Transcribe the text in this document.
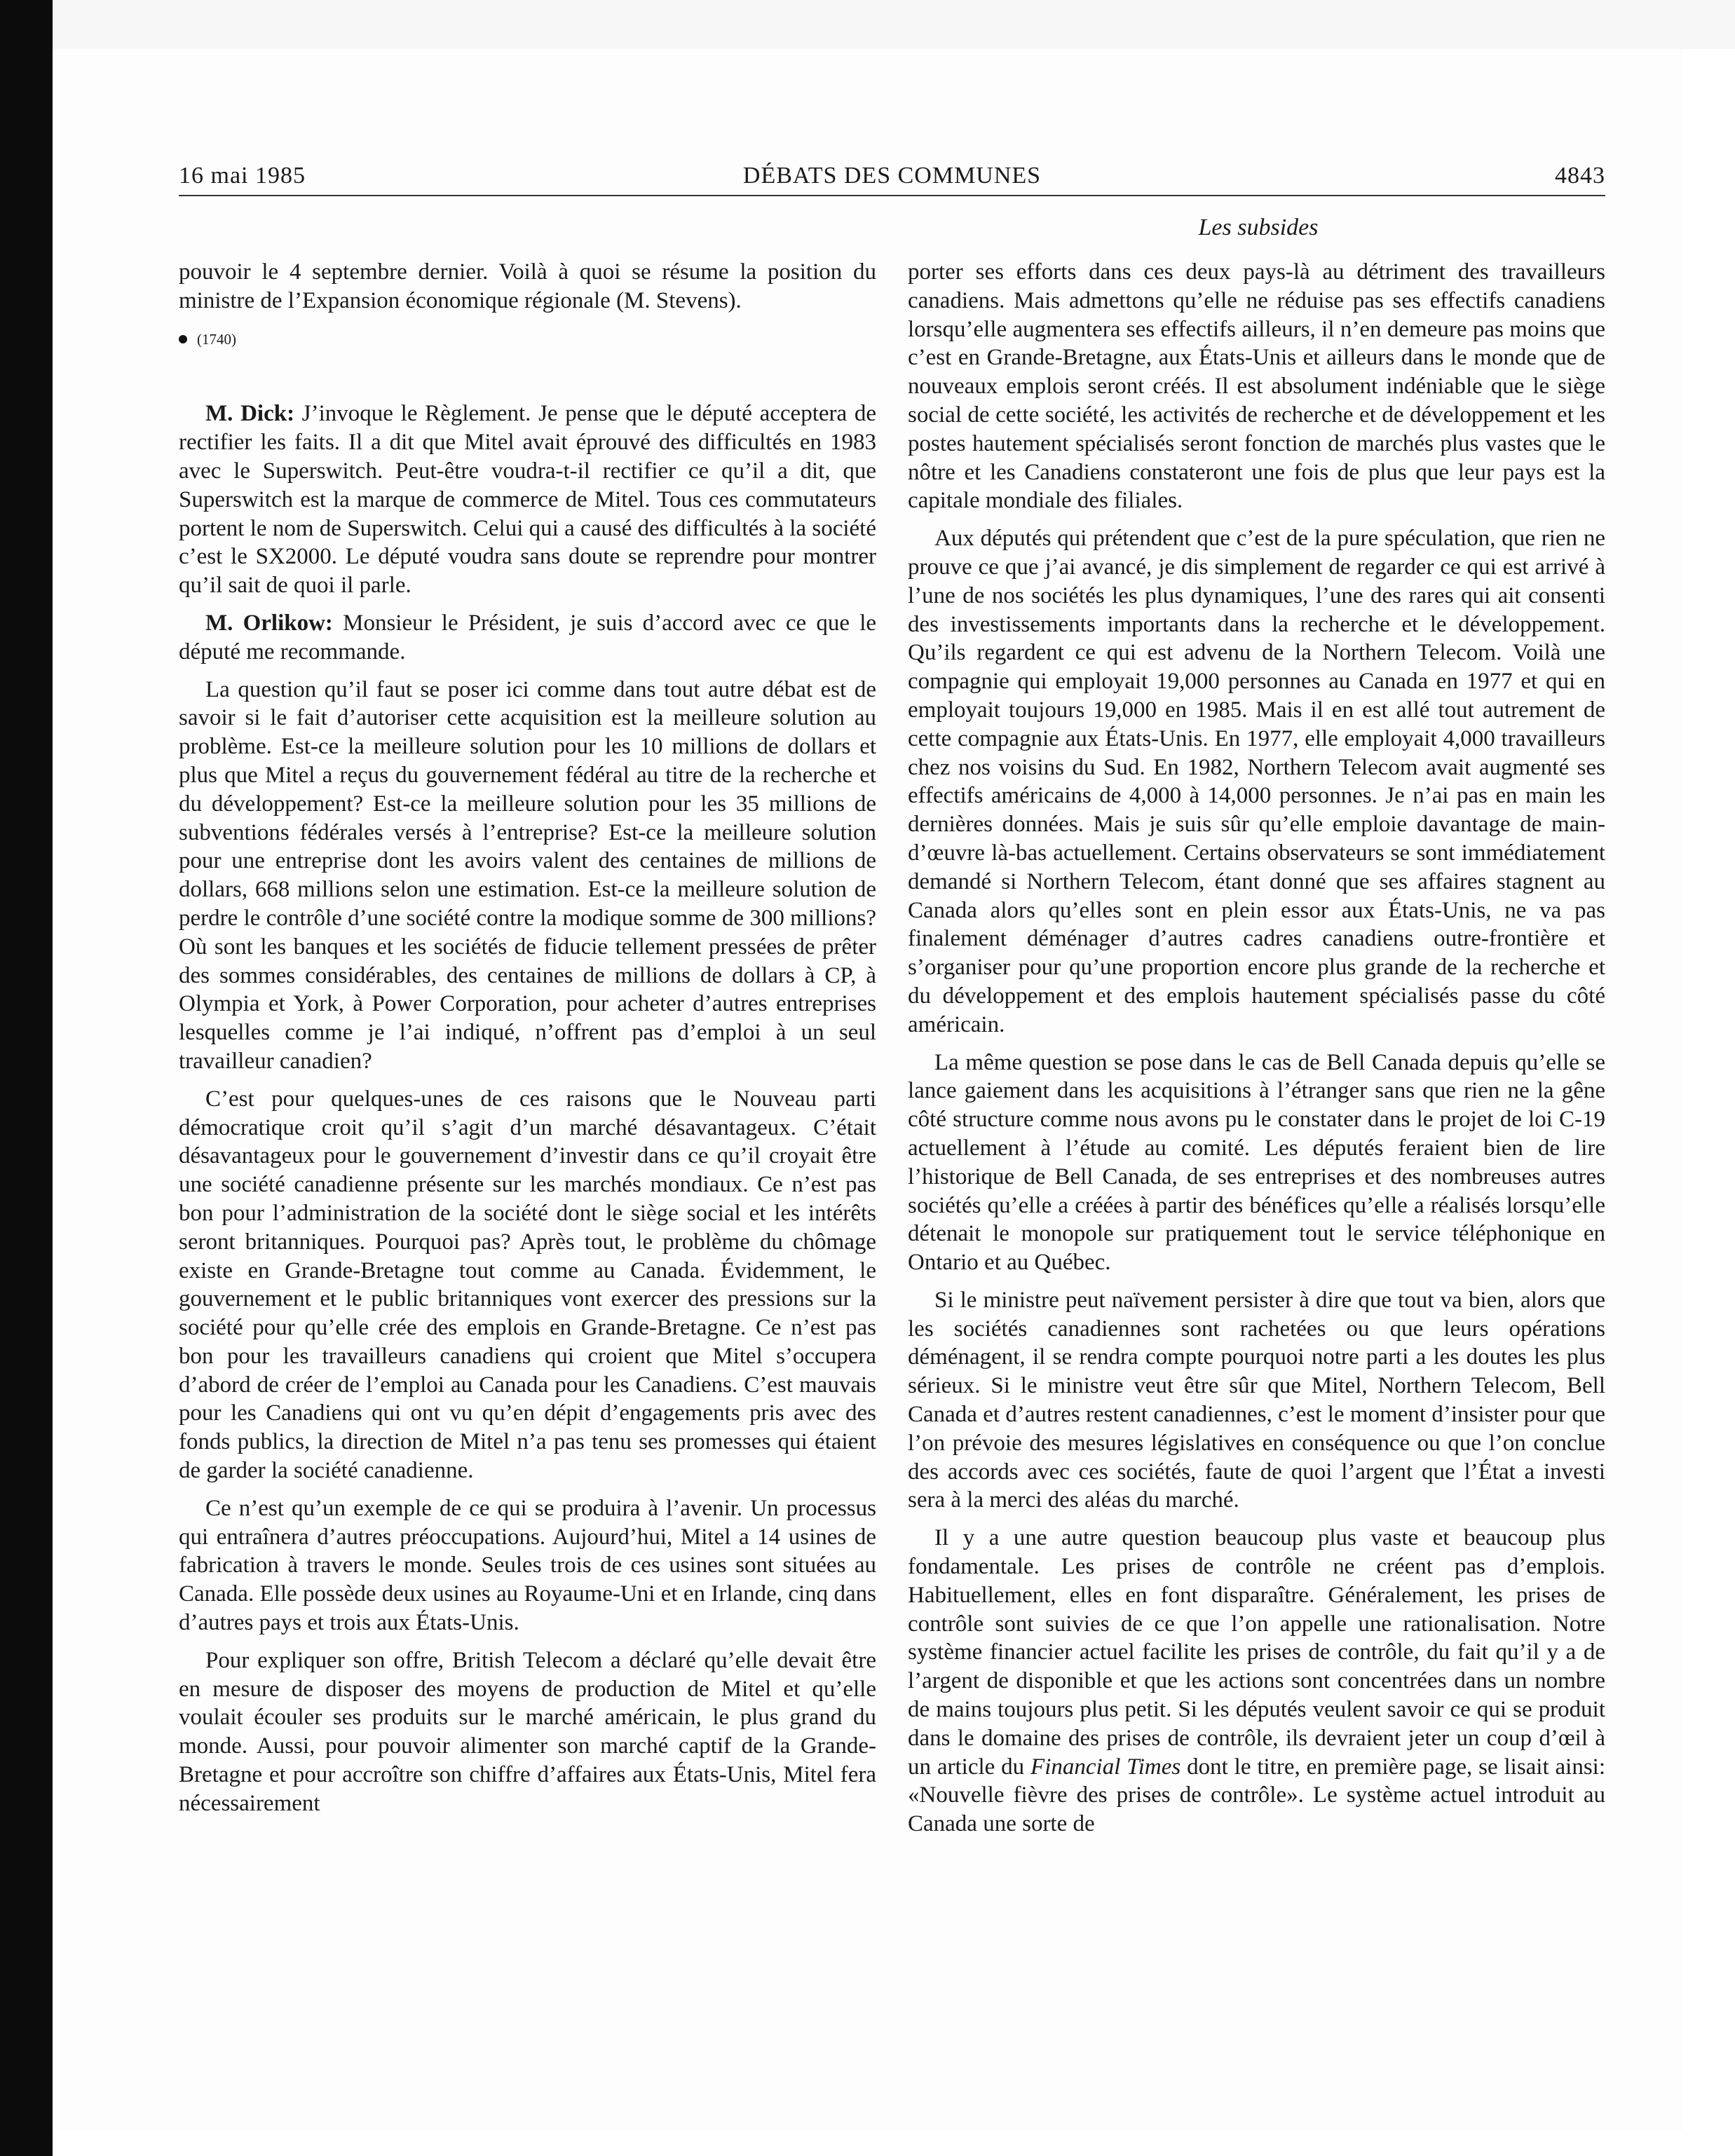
16 mai 1985	DÉBATS DES COMMUNES	4843
Les subsides

pouvoir le 4 septembre dernier. Voilà à quoi se résume la position du ministre de l’Expansion économique régionale (M. Stevens).

(1740)

M. Dick: J’invoque le Règlement. Je pense que le député acceptera de rectifier les faits. Il a dit que Mitel avait éprouvé des difficultés en 1983 avec le Superswitch. Peut-être voudra-t-il rectifier ce qu’il a dit, que Superswitch est la marque de commerce de Mitel. Tous ces commutateurs portent le nom de Superswitch. Celui qui a causé des difficultés à la société c’est le SX2000. Le député voudra sans doute se reprendre pour montrer qu’il sait de quoi il parle.

M. Orlikow: Monsieur le Président, je suis d’accord avec ce que le député me recommande.

La question qu’il faut se poser ici comme dans tout autre débat est de savoir si le fait d’autoriser cette acquisition est la meilleure solution au problème. Est-ce la meilleure solution pour les 10 millions de dollars et plus que Mitel a reçus du gouvernement fédéral au titre de la recherche et du développement? Est-ce la meilleure solution pour les 35 millions de subventions fédérales versés à l’entreprise? Est-ce la meilleure solution pour une entreprise dont les avoirs valent des centaines de millions de dollars, 668 millions selon une estimation. Est-ce la meilleure solution de perdre le contrôle d’une société contre la modique somme de 300 millions? Où sont les banques et les sociétés de fiducie tellement pressées de prêter des sommes considérables, des centaines de millions de dollars à CP, à Olympia et York, à Power Corporation, pour acheter d’autres entreprises lesquelles comme je l’ai indiqué, n’offrent pas d’emploi à un seul travailleur canadien?

C’est pour quelques-unes de ces raisons que le Nouveau parti démocratique croit qu’il s’agit d’un marché désavantageux. C’était désavantageux pour le gouvernement d’investir dans ce qu’il croyait être une société canadienne présente sur les marchés mondiaux. Ce n’est pas bon pour l’administration de la société dont le siège social et les intérêts seront britanniques. Pourquoi pas? Après tout, le problème du chômage existe en Grande-Bretagne tout comme au Canada. Évidemment, le gouvernement et le public britanniques vont exercer des pressions sur la société pour qu’elle crée des emplois en Grande-Bretagne. Ce n’est pas bon pour les travailleurs canadiens qui croient que Mitel s’occupera d’abord de créer de l’emploi au Canada pour les Canadiens. C’est mauvais pour les Canadiens qui ont vu qu’en dépit d’engagements pris avec des fonds publics, la direction de Mitel n’a pas tenu ses promesses qui étaient de garder la société canadienne.

Ce n’est qu’un exemple de ce qui se produira à l’avenir. Un processus qui entraînera d’autres préoccupations. Aujourd’hui, Mitel a 14 usines de fabrication à travers le monde. Seules trois de ces usines sont situées au Canada. Elle possède deux usines au Royaume-Uni et en Irlande, cinq dans d’autres pays et trois aux États-Unis.

Pour expliquer son offre, British Telecom a déclaré qu’elle devait être en mesure de disposer des moyens de production de Mitel et qu’elle voulait écouler ses produits sur le marché américain, le plus grand du monde. Aussi, pour pouvoir alimenter son marché captif de la Grande-Bretagne et pour accroître son chiffre d’affaires aux États-Unis, Mitel fera nécessairement

porter ses efforts dans ces deux pays-là au détriment des travailleurs canadiens. Mais admettons qu’elle ne réduise pas ses effectifs canadiens lorsqu’elle augmentera ses effectifs ailleurs, il n’en demeure pas moins que c’est en Grande-Bretagne, aux États-Unis et ailleurs dans le monde que de nouveaux emplois seront créés. Il est absolument indéniable que le siège social de cette société, les activités de recherche et de développement et les postes hautement spécialisés seront fonction de marchés plus vastes que le nôtre et les Canadiens constateront une fois de plus que leur pays est la capitale mondiale des filiales.

Aux députés qui prétendent que c’est de la pure spéculation, que rien ne prouve ce que j’ai avancé, je dis simplement de regarder ce qui est arrivé à l’une de nos sociétés les plus dynamiques, l’une des rares qui ait consenti des investissements importants dans la recherche et le développement. Qu’ils regardent ce qui est advenu de la Northern Telecom. Voilà une compagnie qui employait 19,000 personnes au Canada en 1977 et qui en employait toujours 19,000 en 1985. Mais il en est allé tout autrement de cette compagnie aux États-Unis. En 1977, elle employait 4,000 travailleurs chez nos voisins du Sud. En 1982, Northern Telecom avait augmenté ses effectifs américains de 4,000 à 14,000 personnes. Je n’ai pas en main les dernières données. Mais je suis sûr qu’elle emploie davantage de main-d’œuvre là-bas actuellement. Certains observateurs se sont immédiatement demandé si Northern Telecom, étant donné que ses affaires stagnent au Canada alors qu’elles sont en plein essor aux États-Unis, ne va pas finalement déménager d’autres cadres canadiens outre-frontière et s’organiser pour qu’une proportion encore plus grande de la recherche et du développement et des emplois hautement spécialisés passe du côté américain.

La même question se pose dans le cas de Bell Canada depuis qu’elle se lance gaiement dans les acquisitions à l’étranger sans que rien ne la gêne côté structure comme nous avons pu le constater dans le projet de loi C-19 actuellement à l’étude au comité. Les députés feraient bien de lire l’historique de Bell Canada, de ses entreprises et des nombreuses autres sociétés qu’elle a créées à partir des bénéfices qu’elle a réalisés lorsqu’elle détenait le monopole sur pratiquement tout le service téléphonique en Ontario et au Québec.

Si le ministre peut naïvement persister à dire que tout va bien, alors que les sociétés canadiennes sont rachetées ou que leurs opérations déménagent, il se rendra compte pourquoi notre parti a les doutes les plus sérieux. Si le ministre veut être sûr que Mitel, Northern Telecom, Bell Canada et d’autres restent canadiennes, c’est le moment d’insister pour que l’on prévoie des mesures législatives en conséquence ou que l’on conclue des accords avec ces sociétés, faute de quoi l’argent que l’État a investi sera à la merci des aléas du marché.

Il y a une autre question beaucoup plus vaste et beaucoup plus fondamentale. Les prises de contrôle ne créent pas d’emplois. Habituellement, elles en font disparaître. Généralement, les prises de contrôle sont suivies de ce que l’on appelle une rationalisation. Notre système financier actuel facilite les prises de contrôle, du fait qu’il y a de l’argent de disponible et que les actions sont concentrées dans un nombre de mains toujours plus petit. Si les députés veulent savoir ce qui se produit dans le domaine des prises de contrôle, ils devraient jeter un coup d’œil à un article du Financial Times dont le titre, en première page, se lisait ainsi: «Nouvelle fièvre des prises de contrôle». Le système actuel introduit au Canada une sorte de
